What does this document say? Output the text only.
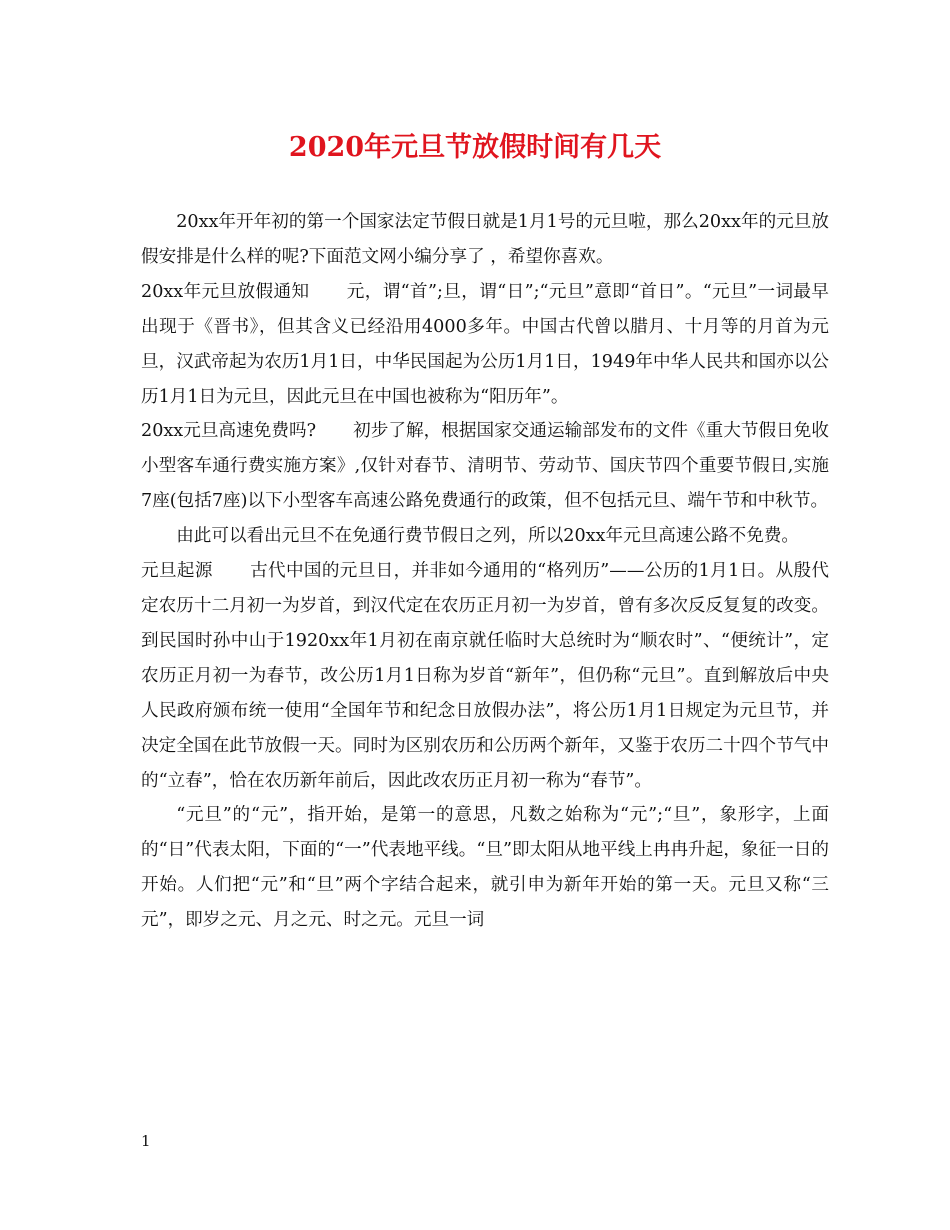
2020年元旦节放假时间有几天

20xx年开年初的第一个国家法定节假日就是1月1号的元旦啦，那么20xx年的元旦放假安排是什么样的呢?下面范文网小编分享了 ，希望你喜欢。

20xx年元旦放假通知 元，谓“首”;旦，谓“日”;“元旦”意即“首日”。“元旦”一词最早出现于《晋书》，但其含义已经沿用4000多年。中国古代曾以腊月、十月等的月首为元旦，汉武帝起为农历1月1日，中华民国起为公历1月1日，1949年中华人民共和国亦以公历1月1日为元旦，因此元旦在中国也被称为“阳历年”。

20xx元旦高速免费吗? 初步了解，根据国家交通运输部发布的文件《重大节假日免收小型客车通行费实施方案》,仅针对春节、清明节、劳动节、国庆节四个重要节假日,实施7座(包括7座)以下小型客车高速公路免费通行的政策，但不包括元旦、端午节和中秋节。

由此可以看出元旦不在免通行费节假日之列，所以20xx年元旦高速公路不免费。

元旦起源 古代中国的元旦日，并非如今通用的“格列历”——公历的1月1日。从殷代定农历十二月初一为岁首，到汉代定在农历正月初一为岁首，曾有多次反反复复的改变。到民国时孙中山于1920xx年1月初在南京就任临时大总统时为“顺农时”、“便统计”，定农历正月初一为春节，改公历1月1日称为岁首“新年”，但仍称“元旦”。直到解放后中央人民政府颁布统一使用“全国年节和纪念日放假办法”，将公历1月1日规定为元旦节，并决定全国在此节放假一天。同时为区别农历和公历两个新年，又鉴于农历二十四个节气中的“立春”，恰在农历新年前后，因此改农历正月初一称为“春节”。

“元旦”的“元”，指开始，是第一的意思，凡数之始称为“元”;“旦”，象形字，上面的“日”代表太阳，下面的“一”代表地平线。“旦”即太阳从地平线上冉冉升起，象征一日的开始。人们把“元”和“旦”两个字结合起来，就引申为新年开始的第一天。元旦又称“三元”，即岁之元、月之元、时之元。元旦一词

1
